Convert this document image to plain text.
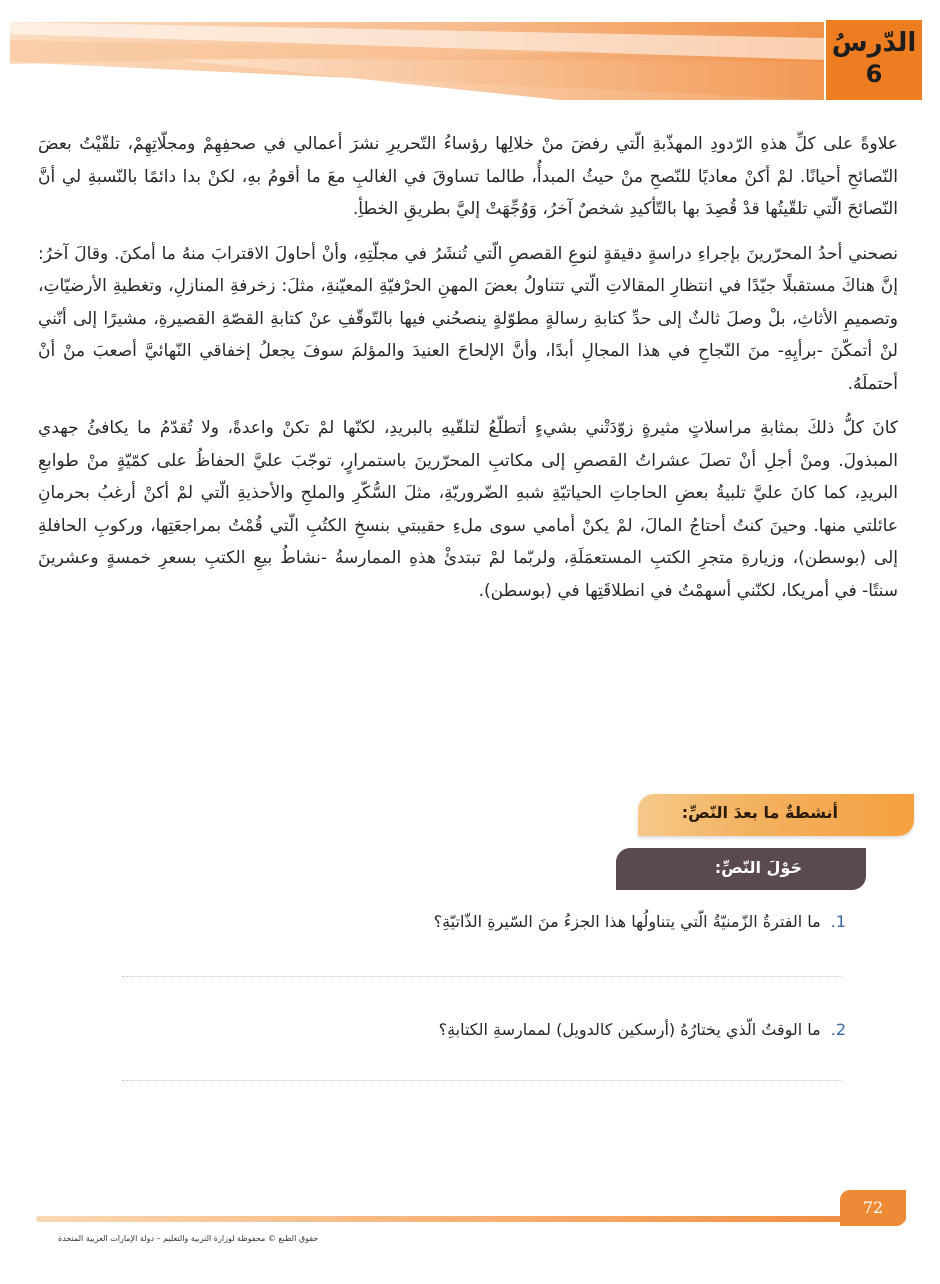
الدّرسُ
6

علاوةً على كلِّ هذهِ الرّدودِ المهذّبةِ الّتي رفضَ منْ خلالِها رؤساءُ التّحريرِ نشرَ أعمالي في صحفِهِمْ ومجلّاتِهِمْ، تلقّيْتُ بعضَ النّصائحِ أحيانًا. لمْ أكنْ معاديًا للنّصحِ منْ حيثُ المبدأُ، طالما تساوقَ في الغالبِ معَ ما أقومُ بهِ، لكنْ بدا دائمًا بالنّسبةِ لي أنَّ النّصائحَ الّتي تلقّيتُها قدْ قُصِدَ بها بالتّأكيدِ شخصٌ آخرُ، وَوُجِّهَتْ إليَّ بطريقِ الخطأِ.

نصحني أحدُ المحرّرينَ بإجراءِ دراسةٍ دقيقةٍ لنوعِ القصصِ الّتي تُنشَرُ في مجلّتِهِ، وأنْ أحاولَ الاقترابَ منهُ ما أمكنَ. وقالَ آخرُ: إنَّ هناكَ مستقبلًا جيّدًا في انتظارِ المقالاتِ الّتي تتناولُ بعضَ المهنِ الحرْفيّةِ المعيّنةِ، مثلَ: زخرفةِ المنازلِ، وتغطيةِ الأرضيّاتِ، وتصميمِ الأثاثِ، بلْ وصلَ ثالثٌ إلى حدِّ كتابةِ رسالةٍ مطوّلةٍ ينصحُني فيها بالتّوقّفِ عنْ كتابةِ القصّةِ القصيرةِ، مشيرًا إلى أنّني لنْ أتمكّنَ -برأيِهِ- منَ النّجاحِ في هذا المجالِ أبدًا، وأنَّ الإلحاحَ العنيدَ والمؤلمَ سوفَ يجعلُ إخفاقي النّهائيَّ أصعبَ منْ أنْ أحتملَهُ.

كانَ كلُّ ذلكَ بمثابةِ مراسلاتٍ مثيرةٍ زوّدَتْني بشيءٍ أتطلّعُ لتلقّيهِ بالبريدِ، لكنّها لمْ تكنْ واعدةً، ولا تُقدّمُ ما يكافئُ جهدي المبذولَ. ومنْ أجلِ أنْ تصلَ عشراتُ القصصِ إلى مكاتبِ المحرّرينَ باستمرارٍ، توجّبَ عليَّ الحفاظُ على كمّيّةٍ منْ طوابعِ البريدِ، كما كانَ عليَّ تلبيةُ بعضِ الحاجاتِ الحياتيّةِ شبهِ الضّروريّةِ، مثلَ السُّكّرِ والملحِ والأحذيةِ الّتي لمْ أكنْ أرغبُ بحرمانِ عائلتي منها. وحينَ كنتُ أحتاجُ المالَ، لمْ يكنْ أمامي سوى ملءِ حقيبتي بنسخِ الكتُبِ الّتي قُمْتُ بمراجعَتِها، وركوبِ الحافلةِ إلى (بوسطن)، وزيارةِ متجرِ الكتبِ المستعمَلَةِ، ولربّما لمْ تبتدئْ هذهِ الممارسةُ -نشاطُ بيعِ الكتبِ بسعرِ خمسةٍ وعشرينَ سنتًا- في أمريكا، لكنّني أسهمْتُ في انطلاقَتِها في (بوسطن).

أنشطةٌ ما بعدَ النّصِّ:
حَوْلَ النّصِّ:
1.ما الفترةُ الزّمنيّةُ الّتي يتناولُها هذا الجزءُ منَ السّيرةِ الذّاتيّةِ؟
2.ما الوقتُ الّذي يختارُهُ (أرسكين كالدويل) لممارسةِ الكتابةِ؟
72
حقوق الطبع © محفوظة لوزارة التربية والتعليم – دولة الإمارات العربية المتحدة
